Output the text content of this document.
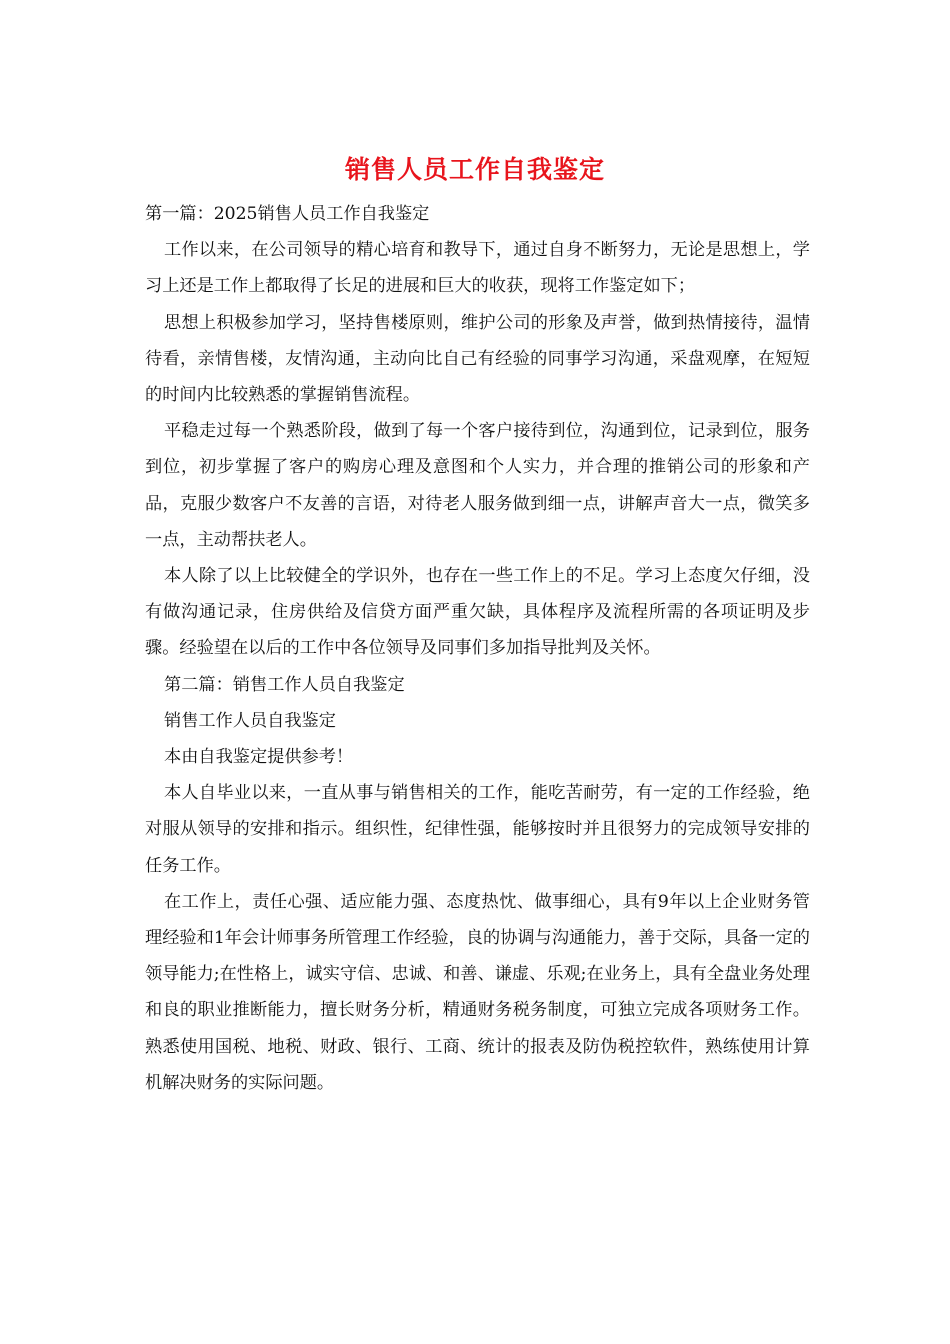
销售人员工作自我鉴定

第一篇：2025销售人员工作自我鉴定

工作以来，在公司领导的精心培育和教导下，通过自身不断努力，无论是思想上，学习上还是工作上都取得了长足的进展和巨大的收获，现将工作鉴定如下；

思想上积极参加学习，坚持售楼原则，维护公司的形象及声誉，做到热情接待，温情待看，亲情售楼，友情沟通，主动向比自己有经验的同事学习沟通，采盘观摩，在短短的时间内比较熟悉的掌握销售流程。

平稳走过每一个熟悉阶段，做到了每一个客户接待到位，沟通到位，记录到位，服务到位，初步掌握了客户的购房心理及意图和个人实力，并合理的推销公司的形象和产品，克服少数客户不友善的言语，对待老人服务做到细一点，讲解声音大一点，微笑多一点，主动帮扶老人。

本人除了以上比较健全的学识外，也存在一些工作上的不足。学习上态度欠仔细，没有做沟通记录，住房供给及信贷方面严重欠缺，具体程序及流程所需的各项证明及步骤。经验望在以后的工作中各位领导及同事们多加指导批判及关怀。

第二篇：销售工作人员自我鉴定

销售工作人员自我鉴定

本由自我鉴定提供参考！

本人自毕业以来，一直从事与销售相关的工作，能吃苦耐劳，有一定的工作经验，绝对服从领导的安排和指示。组织性，纪律性强，能够按时并且很努力的完成领导安排的任务工作。

在工作上，责任心强、适应能力强、态度热忱、做事细心，具有9年以上企业财务管理经验和1年会计师事务所管理工作经验，良的协调与沟通能力，善于交际，具备一定的领导能力;在性格上，诚实守信、忠诚、和善、谦虚、乐观;在业务上，具有全盘业务处理和良的职业推断能力，擅长财务分析，精通财务税务制度，可独立完成各项财务工作。熟悉使用国税、地税、财政、银行、工商、统计的报表及防伪税控软件，熟练使用计算机解决财务的实际问题。
